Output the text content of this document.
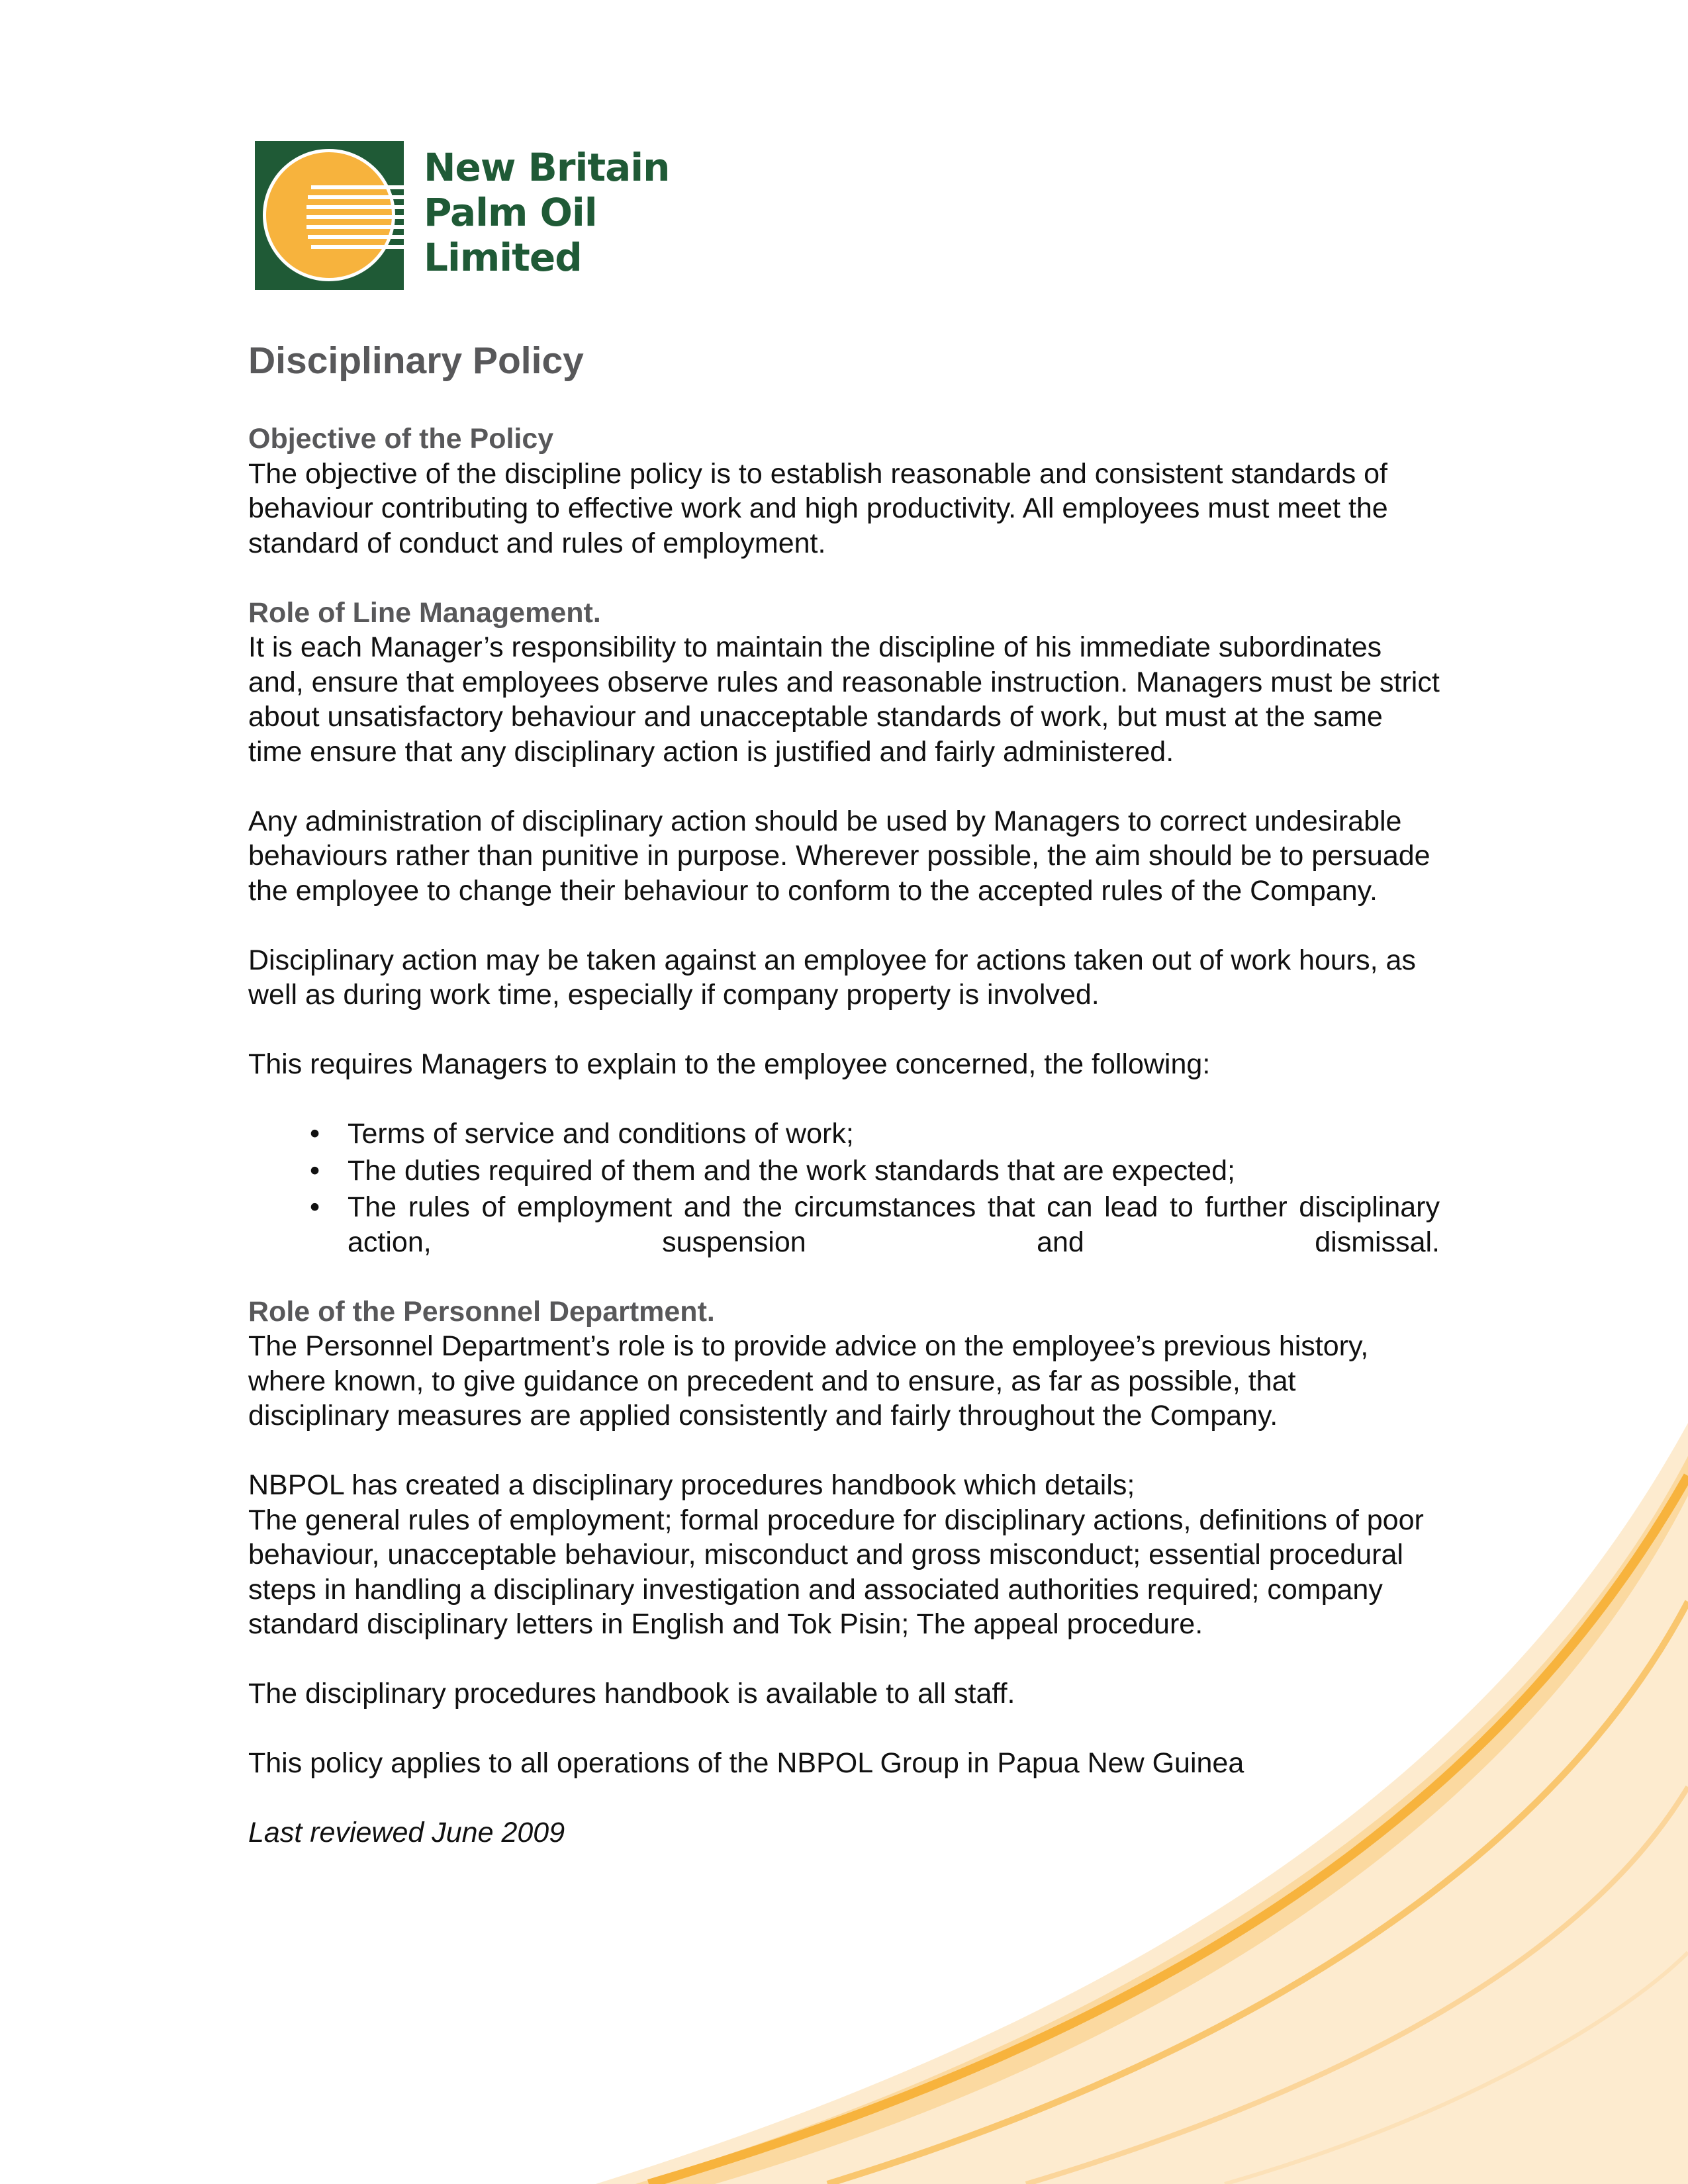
New Britain
Palm Oil
Limited
Disciplinary Policy

Objective of the Policy

The objective of the discipline policy is to establish reasonable and consistent standards of behaviour contributing to effective work and high productivity. All employees must meet the standard of conduct and rules of employment.

Role of Line Management.

It is each Manager’s responsibility to maintain the discipline of his immediate subordinates and, ensure that employees observe rules and reasonable instruction. Managers must be strict about unsatisfactory behaviour and unacceptable standards of work, but must at the same time ensure that any disciplinary action is justified and fairly administered.

Any administration of disciplinary action should be used by Managers to correct undesirable behaviours rather than punitive in purpose. Wherever possible, the aim should be to persuade the employee to change their behaviour to conform to the accepted rules of the Company.

Disciplinary action may be taken against an employee for actions taken out of work hours, as well as during work time, especially if company property is involved.

This requires Managers to explain to the employee concerned, the following:

• Terms of service and conditions of work;
• The duties required of them and the work standards that are expected;
• The rules of employment and the circumstances that can lead to further disciplinary action, suspension and dismissal.

Role of the Personnel Department.

The Personnel Department’s role is to provide advice on the employee’s previous history, where known, to give guidance on precedent and to ensure, as far as possible, that disciplinary measures are applied consistently and fairly throughout the Company.

NBPOL has created a disciplinary procedures handbook which details;

The general rules of employment; formal procedure for disciplinary actions, definitions of poor behaviour, unacceptable behaviour, misconduct and gross misconduct; essential procedural steps in handling a disciplinary investigation and associated authorities required; company standard disciplinary letters in English and Tok Pisin; The appeal procedure.

The disciplinary procedures handbook is available to all staff.

This policy applies to all operations of the NBPOL Group in Papua New Guinea

Last reviewed June 2009
